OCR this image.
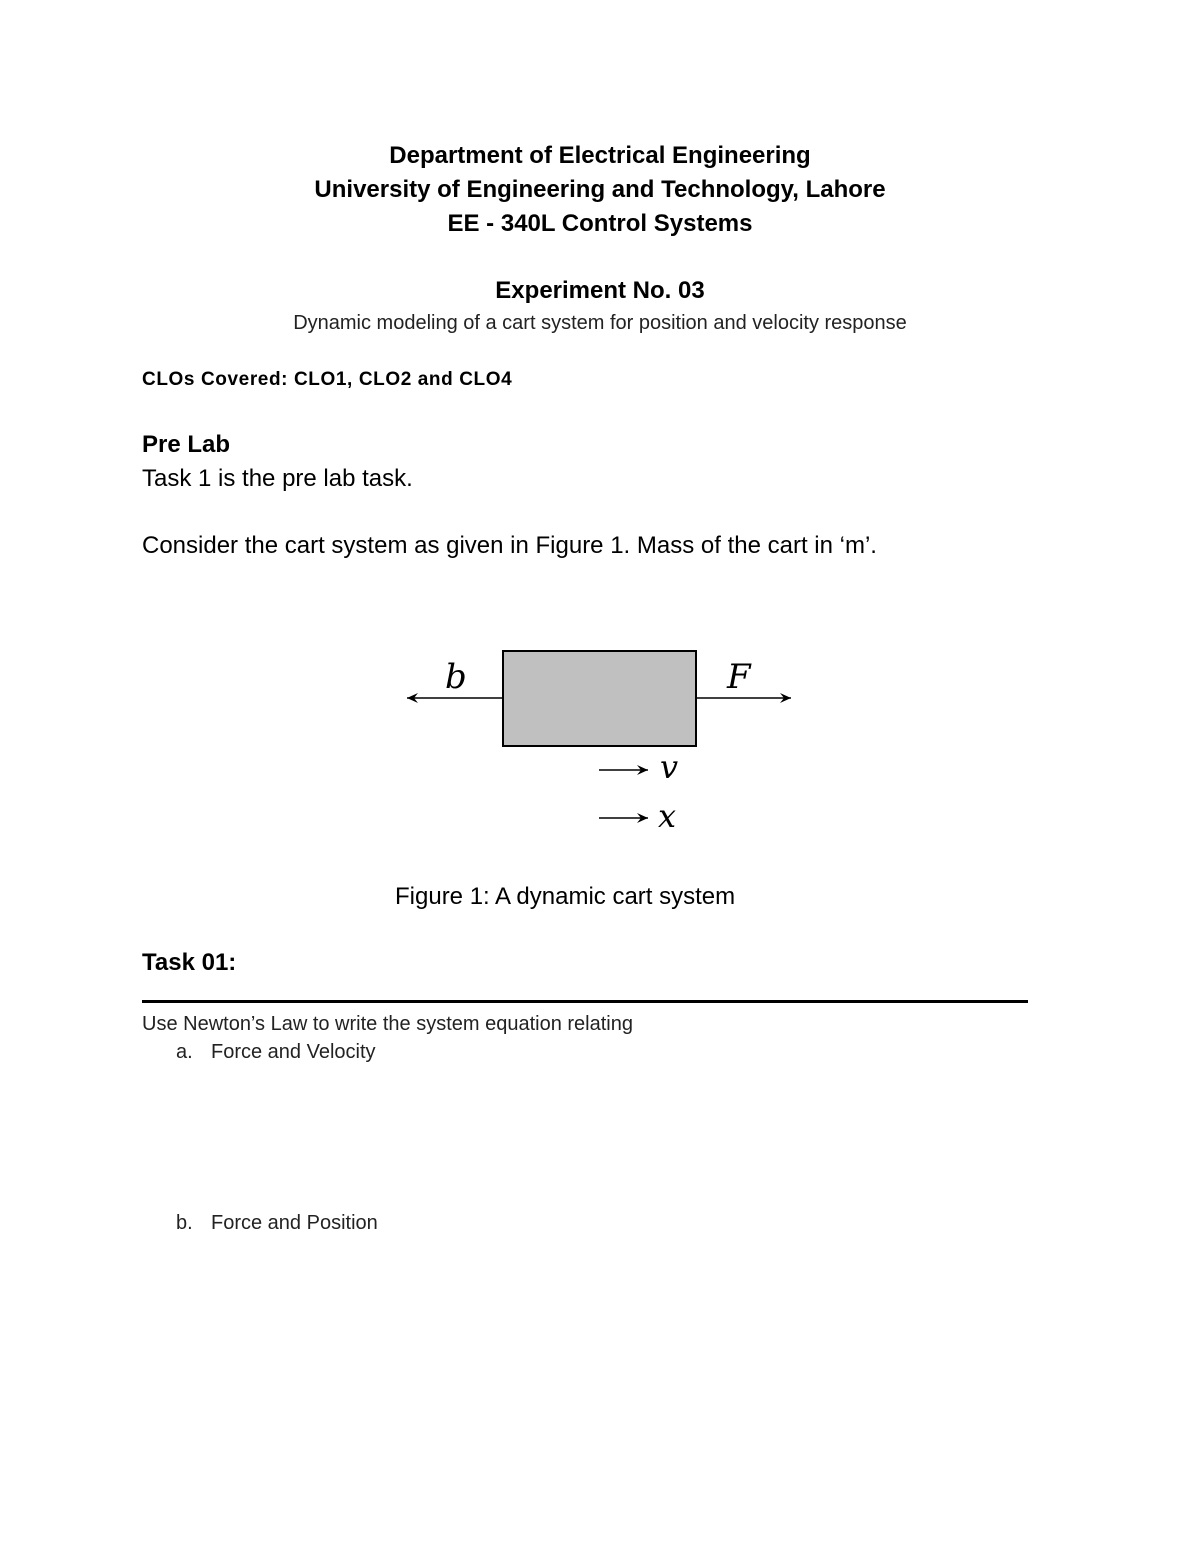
Department of Electrical Engineering
University of Engineering and Technology, Lahore
EE - 340L Control Systems
Experiment No. 03
Dynamic modeling of a cart system for position and velocity response
CLOs Covered: CLO1, CLO2 and CLO4
Pre Lab
Task 1 is the pre lab task.
Consider the cart system as given in Figure 1. Mass of the cart in ‘m’.
b	F
v
x
Figure 1: A dynamic cart system
Task 01:
Use Newton’s Law to write the system equation relating
a. Force and Velocity
b. Force and Position
